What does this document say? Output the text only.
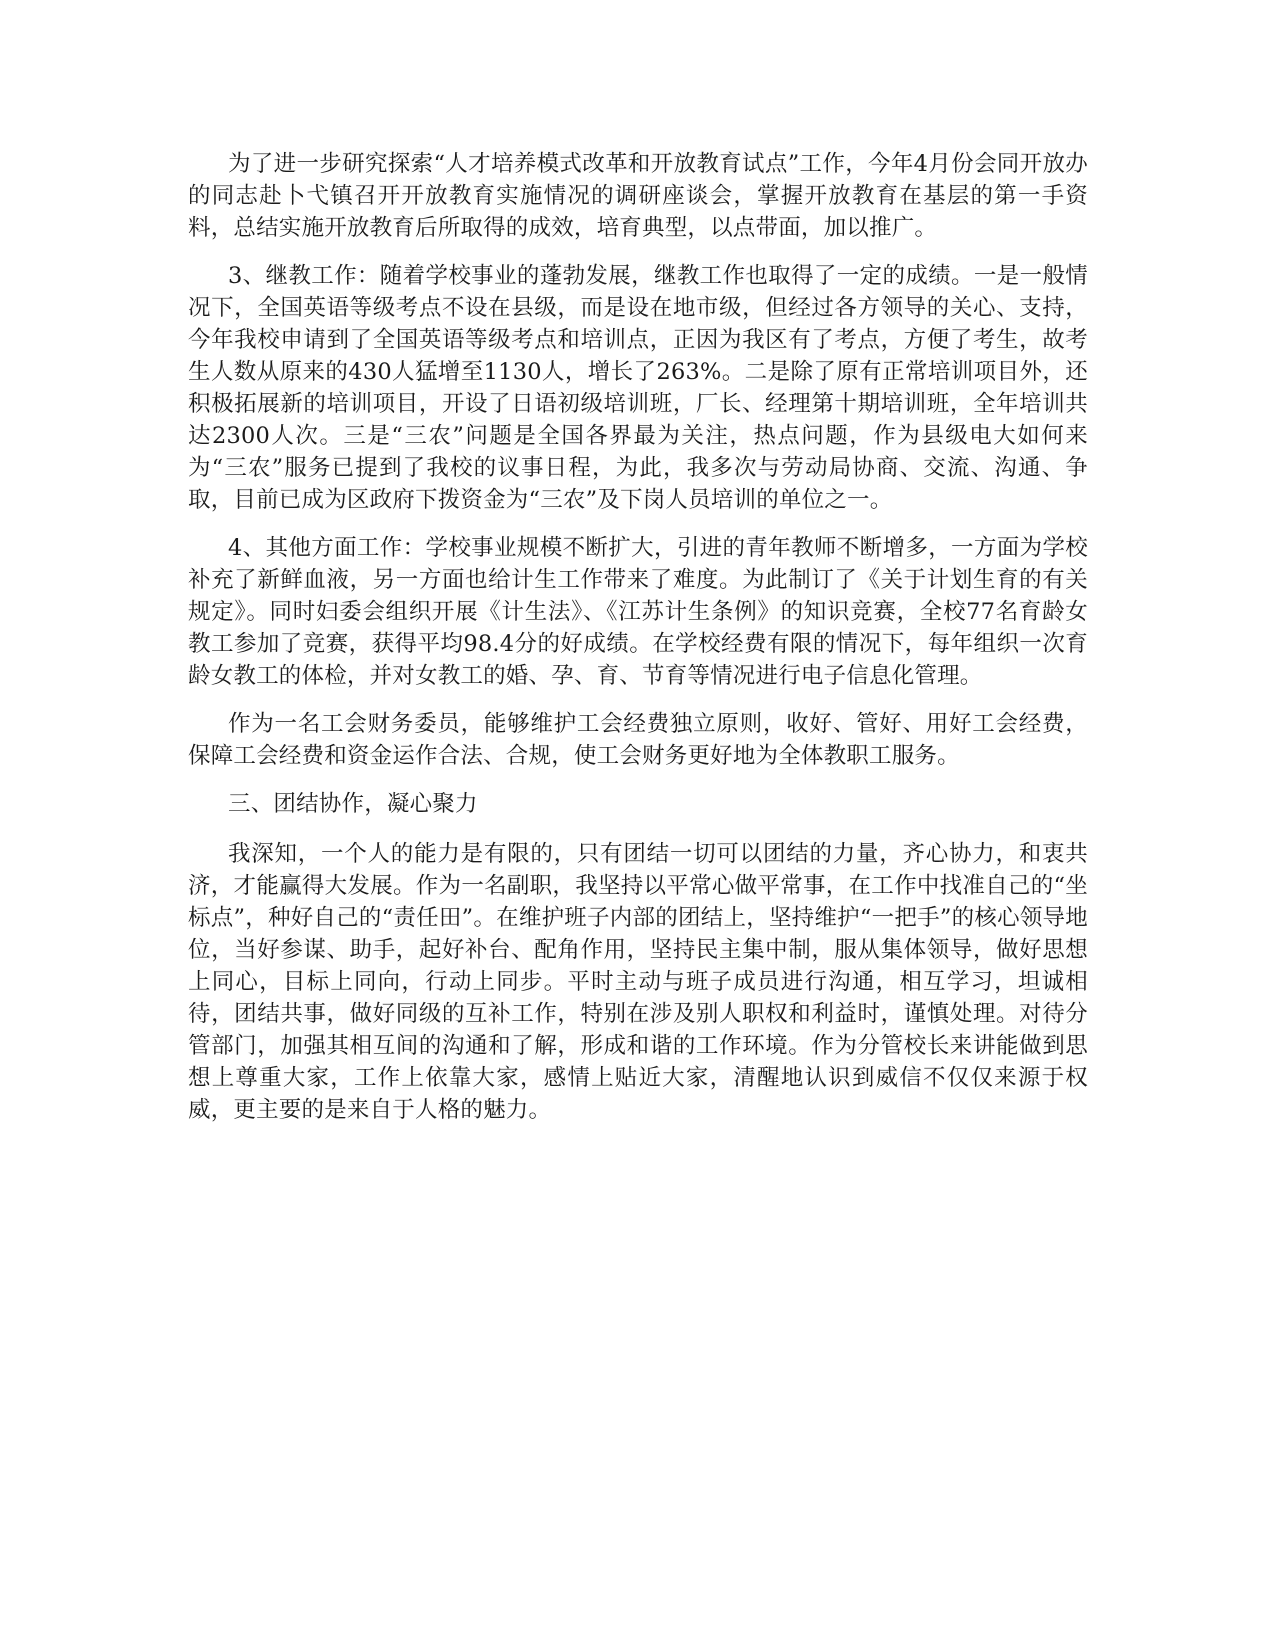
为了进一步研究探索“人才培养模式改革和开放教育试点”工作，今年4月份会同开放办的同志赴卜弋镇召开开放教育实施情况的调研座谈会，掌握开放教育在基层的第一手资料，总结实施开放教育后所取得的成效，培育典型，以点带面，加以推广。

3、继教工作：随着学校事业的蓬勃发展，继教工作也取得了一定的成绩。一是一般情况下，全国英语等级考点不设在县级，而是设在地市级，但经过各方领导的关心、支持，今年我校申请到了全国英语等级考点和培训点，正因为我区有了考点，方便了考生，故考生人数从原来的430人猛增至1130人，增长了263%。二是除了原有正常培训项目外，还积极拓展新的培训项目，开设了日语初级培训班，厂长、经理第十期培训班，全年培训共达2300人次。三是“三农”问题是全国各界最为关注，热点问题，作为县级电大如何来为“三农”服务已提到了我校的议事日程，为此，我多次与劳动局协商、交流、沟通、争取，目前已成为区政府下拨资金为“三农”及下岗人员培训的单位之一。

4、其他方面工作：学校事业规模不断扩大，引进的青年教师不断增多，一方面为学校补充了新鲜血液，另一方面也给计生工作带来了难度。为此制订了《关于计划生育的有关规定》。同时妇委会组织开展《计生法》、《江苏计生条例》的知识竞赛，全校77名育龄女教工参加了竞赛，获得平均98.4分的好成绩。在学校经费有限的情况下，每年组织一次育龄女教工的体检，并对女教工的婚、孕、育、节育等情况进行电子信息化管理。

作为一名工会财务委员，能够维护工会经费独立原则，收好、管好、用好工会经费，保障工会经费和资金运作合法、合规，使工会财务更好地为全体教职工服务。

三、团结协作，凝心聚力

我深知，一个人的能力是有限的，只有团结一切可以团结的力量，齐心协力，和衷共济，才能赢得大发展。作为一名副职，我坚持以平常心做平常事，在工作中找准自己的“坐标点”，种好自己的“责任田”。在维护班子内部的团结上，坚持维护“一把手”的核心领导地位，当好参谋、助手，起好补台、配角作用，坚持民主集中制，服从集体领导，做好思想上同心，目标上同向，行动上同步。平时主动与班子成员进行沟通，相互学习，坦诚相待，团结共事，做好同级的互补工作，特别在涉及别人职权和利益时，谨慎处理。对待分管部门，加强其相互间的沟通和了解，形成和谐的工作环境。作为分管校长来讲能做到思想上尊重大家，工作上依靠大家，感情上贴近大家，清醒地认识到威信不仅仅来源于权威，更主要的是来自于人格的魅力。
